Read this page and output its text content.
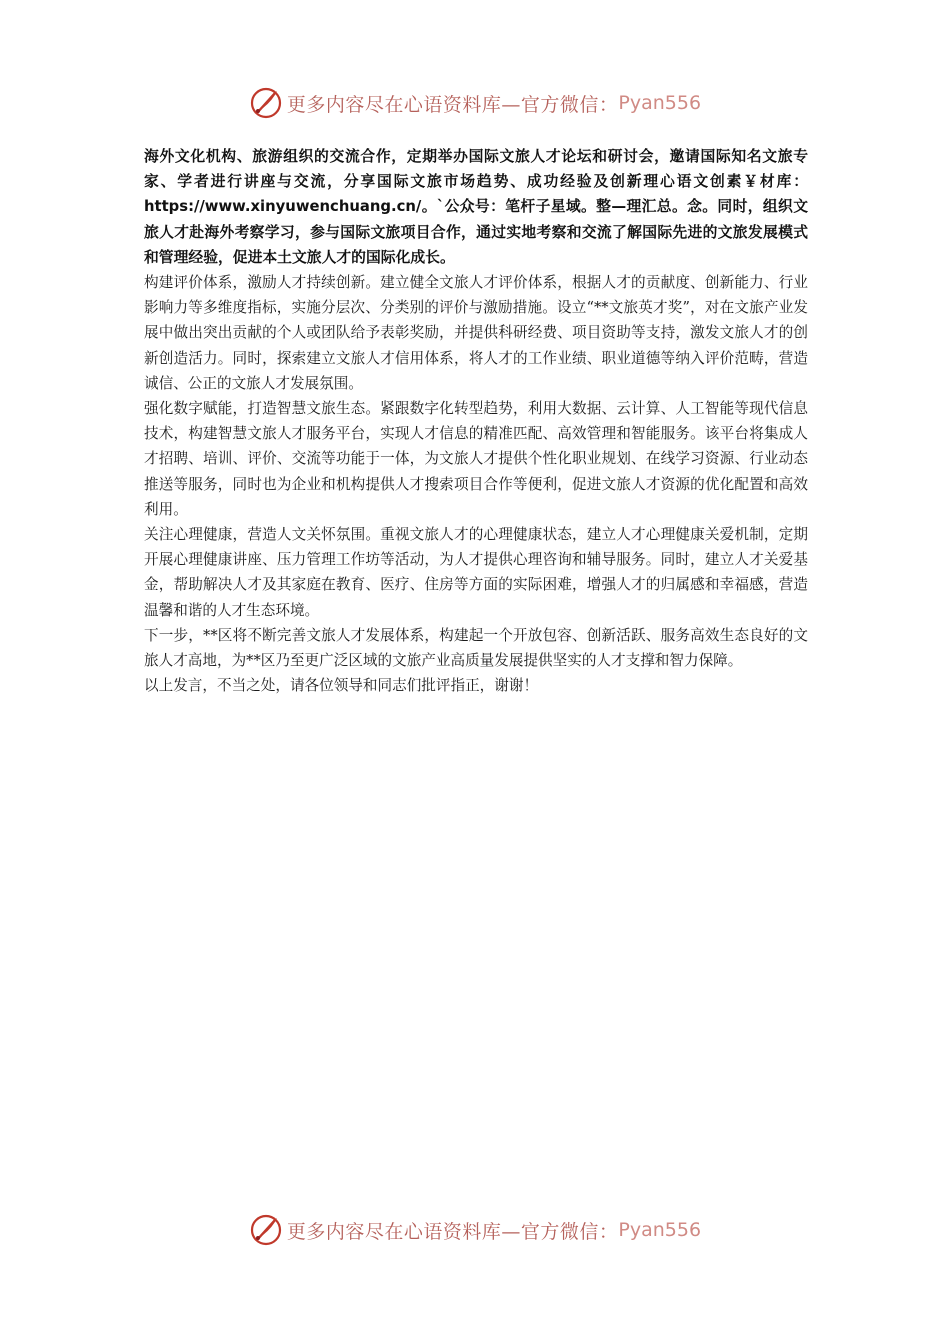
更多内容尽在心语资料库—官方微信： Pyan556

海外文化机构、旅游组织的交流合作，定期举办国际文旅人才论坛和研讨会，邀请国际知名文旅专家、学者进行讲座与交流，分享国际文旅市场趋势、成功经验及创新理心语文创素￥材库：https://www.xinyuwenchuang.cn/。`公众号：笔杆子星域。整—理汇总。念。同时，组织文旅人才赴海外考察学习，参与国际文旅项目合作，通过实地考察和交流了解国际先进的文旅发展模式和管理经验，促进本土文旅人才的国际化成长。

构建评价体系，激励人才持续创新。建立健全文旅人才评价体系，根据人才的贡献度、创新能力、行业影响力等多维度指标，实施分层次、分类别的评价与激励措施。设立“**文旅英才奖”，对在文旅产业发展中做出突出贡献的个人或团队给予表彰奖励，并提供科研经费、项目资助等支持，激发文旅人才的创新创造活力。同时，探索建立文旅人才信用体系，将人才的工作业绩、职业道德等纳入评价范畴，营造诚信、公正的文旅人才发展氛围。

强化数字赋能，打造智慧文旅生态。紧跟数字化转型趋势，利用大数据、云计算、人工智能等现代信息技术，构建智慧文旅人才服务平台，实现人才信息的精准匹配、高效管理和智能服务。该平台将集成人才招聘、培训、评价、交流等功能于一体，为文旅人才提供个性化职业规划、在线学习资源、行业动态推送等服务，同时也为企业和机构提供人才搜索项目合作等便利，促进文旅人才资源的优化配置和高效利用。

关注心理健康，营造人文关怀氛围。重视文旅人才的心理健康状态，建立人才心理健康关爱机制，定期开展心理健康讲座、压力管理工作坊等活动，为人才提供心理咨询和辅导服务。同时，建立人才关爱基金，帮助解决人才及其家庭在教育、医疗、住房等方面的实际困难，增强人才的归属感和幸福感，营造温馨和谐的人才生态环境。

下一步，**区将不断完善文旅人才发展体系，构建起一个开放包容、创新活跃、服务高效生态良好的文旅人才高地，为**区乃至更广泛区域的文旅产业高质量发展提供坚实的人才支撑和智力保障。

以上发言，不当之处，请各位领导和同志们批评指正，谢谢！

更多内容尽在心语资料库—官方微信： Pyan556
